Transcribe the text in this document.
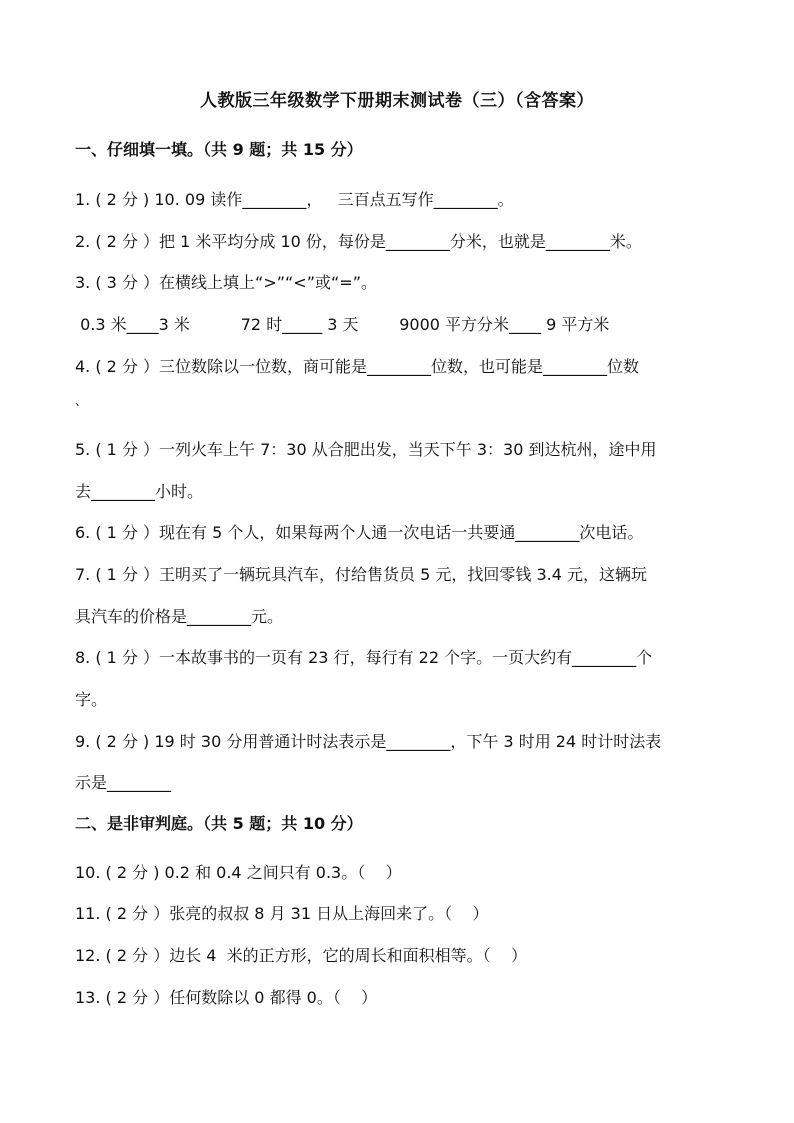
人教版三年级数学下册期末测试卷（三）（含答案）
一、仔细填一填。（共 9 题；共 15 分）
1. ( 2 分 ) 10. 09 读作________，   三百点五写作________。
2. ( 2 分 ）把 1 米平均分成 10 份，每份是________分米，也就是________米。
3. ( 3 分 ）在横线上填上“>”“<”或“=”。
0.3 米____3 米          72 时_____ 3 天        9000 平方分米____ 9 平方米
4. ( 2 分 ）三位数除以一位数，商可能是________位数，也可能是________位数
、
5. ( 1 分 ）一列火车上午 7：30 从合肥出发，当天下午 3：30 到达杭州，途中用
去________小时。
6. ( 1 分 ）现在有 5 个人，如果每两个人通一次电话一共要通________次电话。
7. ( 1 分 ）王明买了一辆玩具汽车，付给售货员 5 元，找回零钱 3.4 元，这辆玩
具汽车的价格是________元。
8. ( 1 分 ）一本故事书的一页有 23 行，每行有 22 个字。一页大约有________个
字。
9. ( 2 分 ) 19 时 30 分用普通计时法表示是________，下午 3 时用 24 时计时法表
示是________
二、是非审判庭。（共 5 题；共 10 分）
10. ( 2 分 ) 0.2 和 0.4 之间只有 0.3。（    ）
11. ( 2 分 ）张亮的叔叔 8 月 31 日从上海回来了。（    ）
12. ( 2 分 ）边长 4  米的正方形，它的周长和面积相等。（    ）
13. ( 2 分 ）任何数除以 0 都得 0。（    ）
